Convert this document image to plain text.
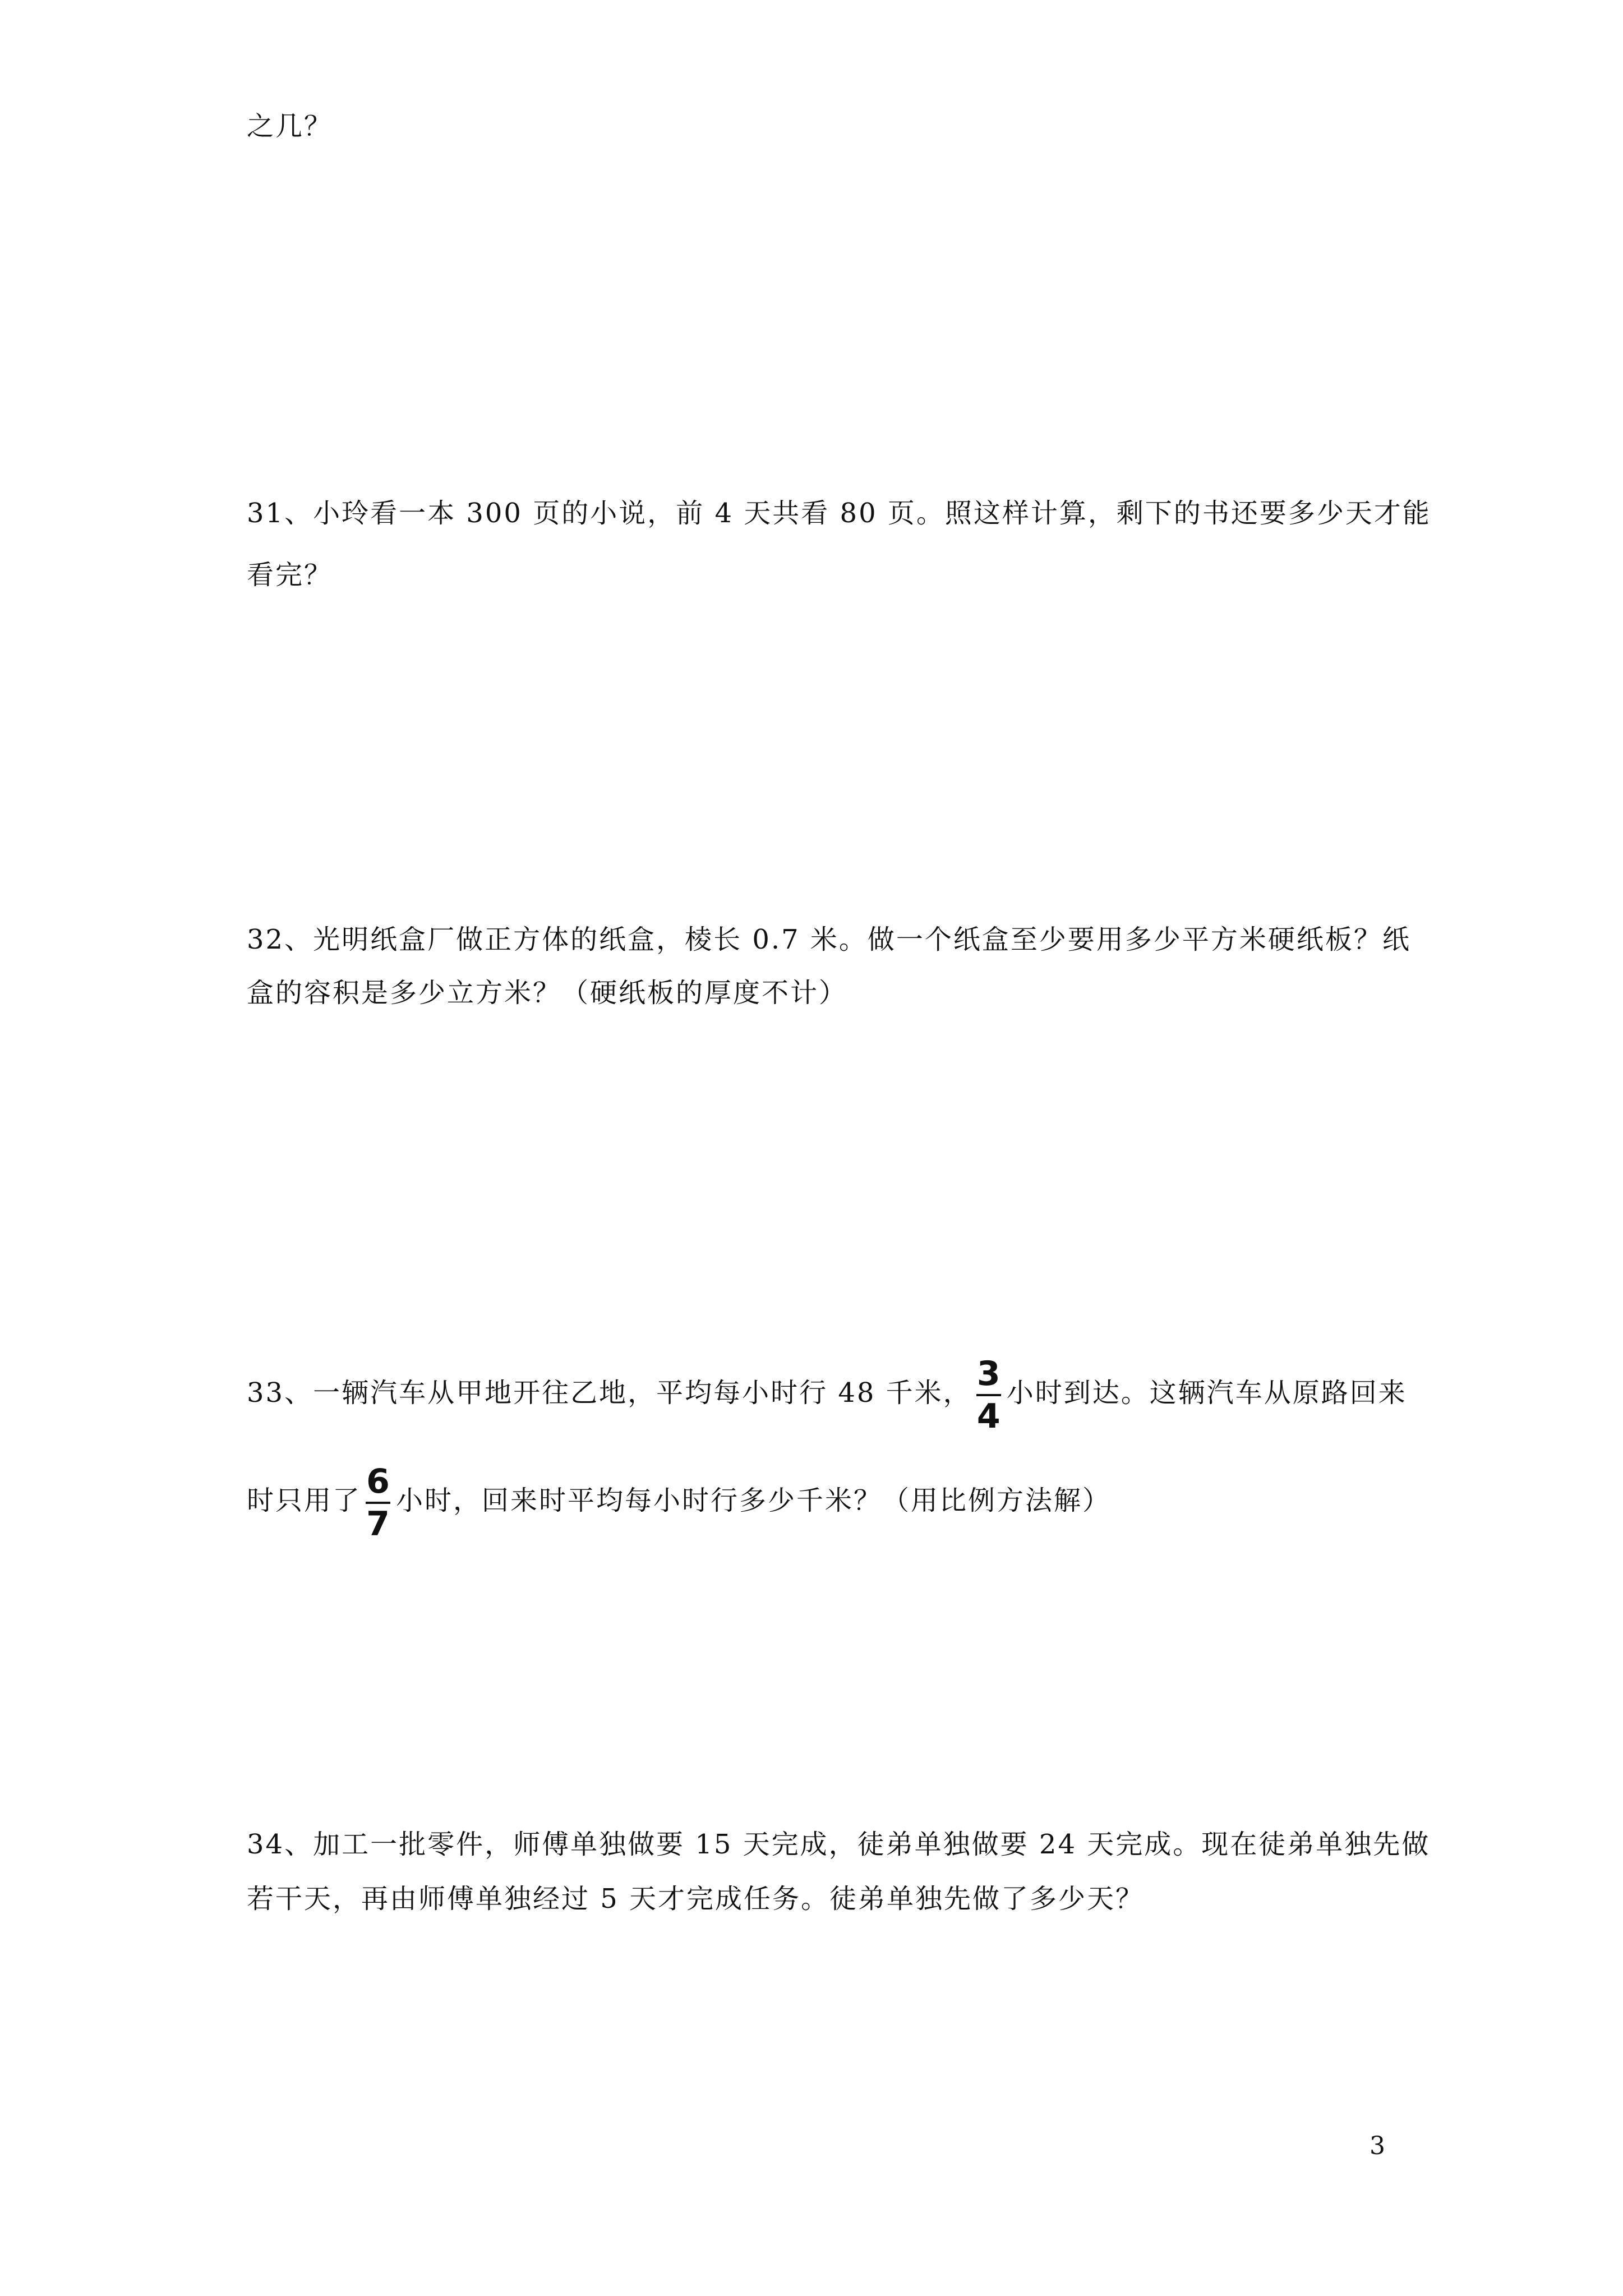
之几？
31、小玲看一本 300 页的小说，前 4 天共看 80 页。照这样计算，剩下的书还要多少天才能
看完？
32、光明纸盒厂做正方体的纸盒，棱长 0.7 米。做一个纸盒至少要用多少平方米硬纸板？纸
盒的容积是多少立方米？（硬纸板的厚度不计）
33、一辆汽车从甲地开往乙地，平均每小时行 48 千米， $\frac{3}{4}$ 小时到达。这辆汽车从原路回来
时只用了 $\frac{6}{7}$ 小时，回来时平均每小时行多少千米？（用比例方法解）
34、加工一批零件，师傅单独做要 15 天完成，徒弟单独做要 24 天完成。现在徒弟单独先做
若干天，再由师傅单独经过 5 天才完成任务。徒弟单独先做了多少天？
3
